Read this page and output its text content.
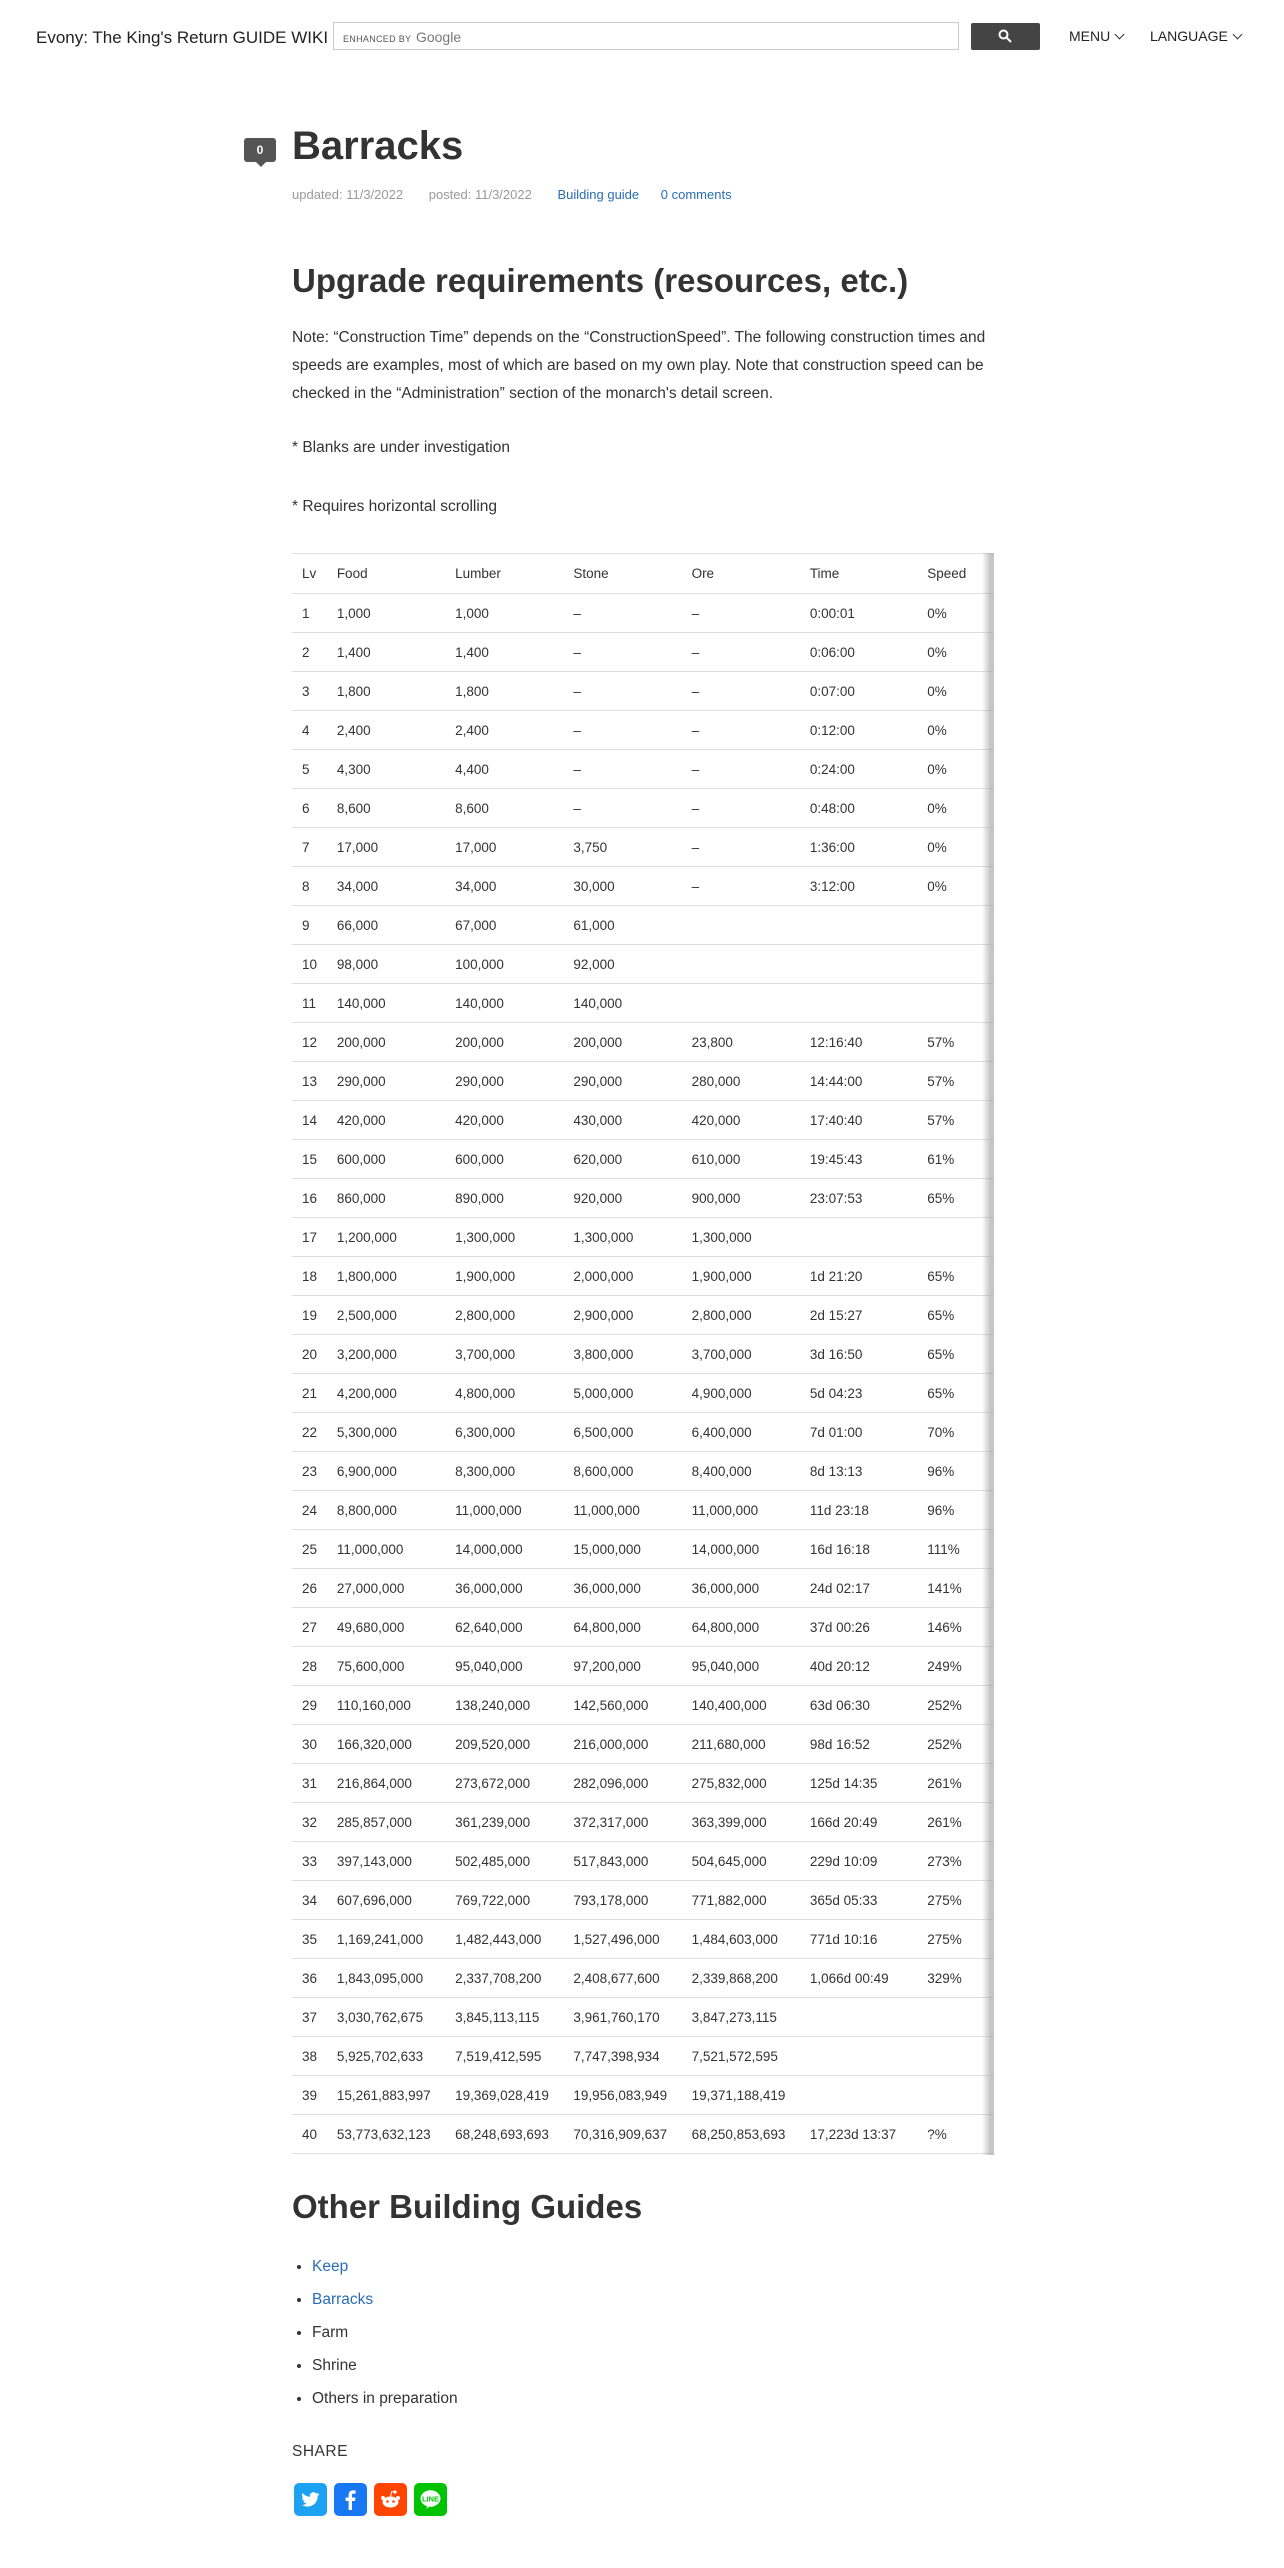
Evony: The King's Return GUIDE WIKI ENHANCED BY Google	MENU	LANGUAGE
0 Barracks
updated: 11/3/2022 posted: 11/3/2022 Building guide 0 comments
Upgrade requirements (resources, etc.)

Note: “Construction Time” depends on the “ConstructionSpeed”. The following construction times and speeds are examples, most of which are based on my own play. Note that construction speed can be checked in the “Administration” section of the monarch's detail screen.

* Blanks are under investigation

* Requires horizontal scrolling

Lv	Food	Lumber	Stone	Ore	Time	Speed
1	1,000	1,000	–	–	0:00:01	0%
2	1,400	1,400	–	–	0:06:00	0%
3	1,800	1,800	–	–	0:07:00	0%
4	2,400	2,400	–	–	0:12:00	0%
5	4,300	4,400	–	–	0:24:00	0%
6	8,600	8,600	–	–	0:48:00	0%
7	17,000	17,000	3,750	–	1:36:00	0%
8	34,000	34,000	30,000	–	3:12:00	0%
9	66,000	67,000	61,000			
10	98,000	100,000	92,000			
11	140,000	140,000	140,000			
12	200,000	200,000	200,000	23,800	12:16:40	57%
13	290,000	290,000	290,000	280,000	14:44:00	57%
14	420,000	420,000	430,000	420,000	17:40:40	57%
15	600,000	600,000	620,000	610,000	19:45:43	61%
16	860,000	890,000	920,000	900,000	23:07:53	65%
17	1,200,000	1,300,000	1,300,000	1,300,000		
18	1,800,000	1,900,000	2,000,000	1,900,000	1d 21:20	65%
19	2,500,000	2,800,000	2,900,000	2,800,000	2d 15:27	65%
20	3,200,000	3,700,000	3,800,000	3,700,000	3d 16:50	65%
21	4,200,000	4,800,000	5,000,000	4,900,000	5d 04:23	65%
22	5,300,000	6,300,000	6,500,000	6,400,000	7d 01:00	70%
23	6,900,000	8,300,000	8,600,000	8,400,000	8d 13:13	96%
24	8,800,000	11,000,000	11,000,000	11,000,000	11d 23:18	96%
25	11,000,000	14,000,000	15,000,000	14,000,000	16d 16:18	111%
26	27,000,000	36,000,000	36,000,000	36,000,000	24d 02:17	141%
27	49,680,000	62,640,000	64,800,000	64,800,000	37d 00:26	146%
28	75,600,000	95,040,000	97,200,000	95,040,000	40d 20:12	249%
29	110,160,000	138,240,000	142,560,000	140,400,000	63d 06:30	252%
30	166,320,000	209,520,000	216,000,000	211,680,000	98d 16:52	252%
31	216,864,000	273,672,000	282,096,000	275,832,000	125d 14:35	261%
32	285,857,000	361,239,000	372,317,000	363,399,000	166d 20:49	261%
33	397,143,000	502,485,000	517,843,000	504,645,000	229d 10:09	273%
34	607,696,000	769,722,000	793,178,000	771,882,000	365d 05:33	275%
35	1,169,241,000	1,482,443,000	1,527,496,000	1,484,603,000	771d 10:16	275%
36	1,843,095,000	2,337,708,200	2,408,677,600	2,339,868,200	1,066d 00:49	329%
37	3,030,762,675	3,845,113,115	3,961,760,170	3,847,273,115		
38	5,925,702,633	7,519,412,595	7,747,398,934	7,521,572,595		
39	15,261,883,997	19,369,028,419	19,956,083,949	19,371,188,419		
40	53,773,632,123	68,248,693,693	70,316,909,637	68,250,853,693	17,223d 13:37	?%
Other Building Guides
• Keep
• Barracks
• Farm
• Shrine
• Others in preparation
SHARE
LINE
